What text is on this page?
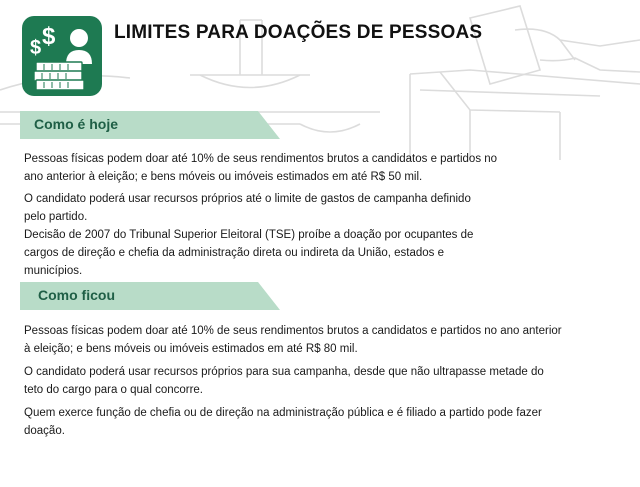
$ $	LIMITES PARA DOAÇÕES DE PESSOAS
Como é hoje
Pessoas físicas podem doar até 10% de seus rendimentos brutos a candidatos e partidos no
ano anterior à eleição; e bens móveis ou imóveis estimados em até R$ 50 mil.
O candidato poderá usar recursos próprios até o limite de gastos de campanha definido
pelo partido.
Decisão de 2007 do Tribunal Superior Eleitoral (TSE) proíbe a doação por ocupantes de
cargos de direção e chefia da administração direta ou indireta da União, estados e
municípios.
Como ficou
Pessoas físicas podem doar até 10% de seus rendimentos brutos a candidatos e partidos no ano anterior
à eleição; e bens móveis ou imóveis estimados em até R$ 80 mil.
O candidato poderá usar recursos próprios para sua campanha, desde que não ultrapasse metade do
teto do cargo para o qual concorre.
Quem exerce função de chefia ou de direção na administração pública e é filiado a partido pode fazer
doação.
